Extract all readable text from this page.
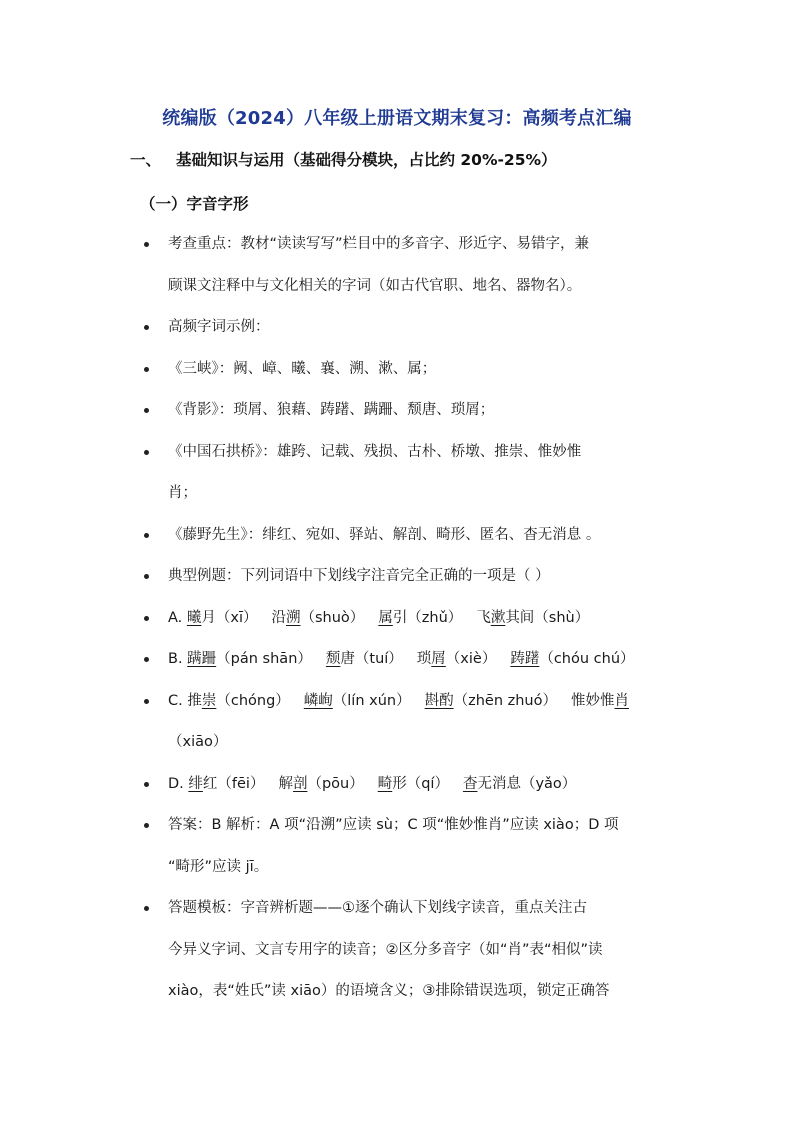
统编版（2024）八年级上册语文期末复习：高频考点汇编
一、 基础知识与运用（基础得分模块，占比约 20%-25%）
（一）字音字形
考查重点：教材“读读写写”栏目中的多音字、形近字、易错字，兼
顾课文注释中与文化相关的字词（如古代官职、地名、器物名）。
高频字词示例：
《三峡》：阙、嶂、曦、襄、溯、漱、属；
《背影》：琐屑、狼藉、踌躇、蹒跚、颓唐、琐屑；
《中国石拱桥》：雄跨、记载、残损、古朴、桥墩、推崇、惟妙惟
肖；
《藤野先生》：绯红、宛如、驿站、解剖、畸形、匿名、杳无消息 。
典型例题：下列词语中下划线字注音完全正确的一项是（ ）
A. 曦月（xī） 沿溯（shuò） 属引（zhǔ） 飞漱其间（shù）
B. 蹒跚（pán shān） 颓唐（tuí） 琐屑（xiè） 踌躇（chóu chú）
C. 推崇（chóng） 嶙峋（lín xún） 斟酌（zhēn zhuó） 惟妙惟肖
（xiāo）
D. 绯红（fēi） 解剖（pōu） 畸形（qí） 杳无消息（yǎo）
答案：B 解析：A 项“沿溯”应读 sù；C 项“惟妙惟肖”应读 xiào；D 项
“畸形”应读 jī。
答题模板：字音辨析题——①逐个确认下划线字读音，重点关注古
今异义字词、文言专用字的读音；②区分多音字（如“肖”表“相似”读
xiào，表“姓氏”读 xiāo）的语境含义；③排除错误选项，锁定正确答
